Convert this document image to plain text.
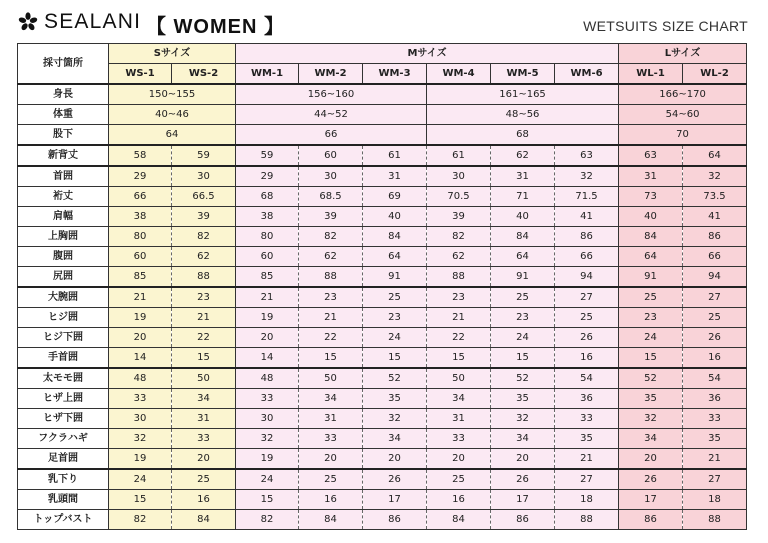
SEALANI 【 WOMEN 】	WETSUITS SIZE CHART
採寸箇所	Sサイズ		Mサイズ						Lサイズ	
	WS-1	WS-2	WM-1	WM-2	WM-3	WM-4	WM-5	WM-6	WL-1	WL-2
身長	150~155		156~160			161~165			166~170	
体重	40~46		44~52			48~56			54~60	
股下	64		66			68			70	
新背丈	58	59	59	60	61	61	62	63	63	64
首囲	29	30	29	30	31	30	31	32	31	32
裄丈	66	66.5	68	68.5	69	70.5	71	71.5	73	73.5
肩幅	38	39	38	39	40	39	40	41	40	41
上胸囲	80	82	80	82	84	82	84	86	84	86
腹囲	60	62	60	62	64	62	64	66	64	66
尻囲	85	88	85	88	91	88	91	94	91	94
大腕囲	21	23	21	23	25	23	25	27	25	27
ヒジ囲	19	21	19	21	23	21	23	25	23	25
ヒジ下囲	20	22	20	22	24	22	24	26	24	26
手首囲	14	15	14	15	15	15	15	16	15	16
太モモ囲	48	50	48	50	52	50	52	54	52	54
ヒザ上囲	33	34	33	34	35	34	35	36	35	36
ヒザ下囲	30	31	30	31	32	31	32	33	32	33
フクラハギ	32	33	32	33	34	33	34	35	34	35
足首囲	19	20	19	20	20	20	20	21	20	21
乳下り	24	25	24	25	26	25	26	27	26	27
乳頭間	15	16	15	16	17	16	17	18	17	18
トップバスト	82	84	82	84	86	84	86	88	86	88
